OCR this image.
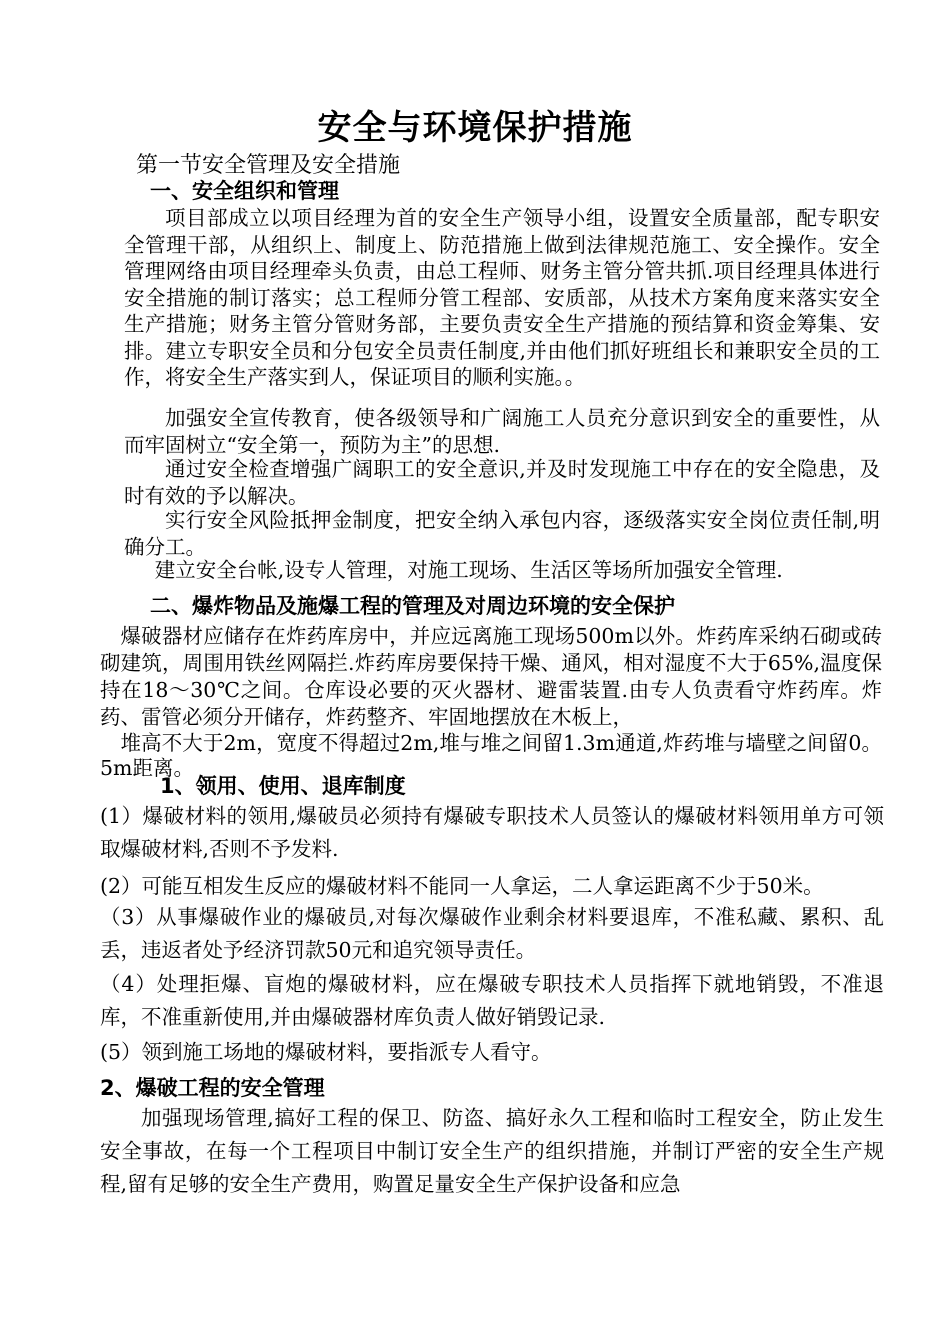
安全与环境保护措施
第一节安全管理及安全措施
一、安全组织和管理
项目部成立以项目经理为首的安全生产领导小组，设置安全质量部，配专职安全管理干部，从组织上、制度上、防范措施上做到法律规范施工、安全操作。安全管理网络由项目经理牵头负责，由总工程师、财务主管分管共抓.项目经理具体进行安全措施的制订落实；总工程师分管工程部、安质部，从技术方案角度来落实安全生产措施；财务主管分管财务部，主要负责安全生产措施的预结算和资金筹集、安排。建立专职安全员和分包安全员责任制度,并由他们抓好班组长和兼职安全员的工作，将安全生产落实到人，保证项目的顺利实施。。
加强安全宣传教育，使各级领导和广阔施工人员充分意识到安全的重要性，从而牢固树立“安全第一，预防为主”的思想.
通过安全检查增强广阔职工的安全意识,并及时发现施工中存在的安全隐患，及时有效的予以解决。
实行安全风险抵押金制度，把安全纳入承包内容，逐级落实安全岗位责任制,明确分工。
建立安全台帐,设专人管理，对施工现场、生活区等场所加强安全管理.
二、爆炸物品及施爆工程的管理及对周边环境的安全保护
爆破器材应储存在炸药库房中，并应远离施工现场500m以外。炸药库采纳石砌或砖砌建筑，周围用铁丝网隔拦.炸药库房要保持干燥、通风，相对湿度不大于65%,温度保持在18～30℃之间。仓库设必要的灭火器材、避雷装置.由专人负责看守炸药库。炸药、雷管必须分开储存，炸药整齐、牢固地摆放在木板上，
堆高不大于2m，宽度不得超过2m,堆与堆之间留1.3m通道,炸药堆与墙壁之间留0。5m距离。
1、领用、使用、退库制度
(1）爆破材料的领用,爆破员必须持有爆破专职技术人员签认的爆破材料领用单方可领取爆破材料,否则不予发料.
(2）可能互相发生反应的爆破材料不能同一人拿运，二人拿运距离不少于50米。
（3）从事爆破作业的爆破员,对每次爆破作业剩余材料要退库，不准私藏、累积、乱丢，违返者处予经济罚款50元和追究领导责任。
（4）处理拒爆、盲炮的爆破材料，应在爆破专职技术人员指挥下就地销毁，不准退库，不准重新使用,并由爆破器材库负责人做好销毁记录.
(5）领到施工场地的爆破材料，要指派专人看守。
2、爆破工程的安全管理
加强现场管理,搞好工程的保卫、防盗、搞好永久工程和临时工程安全，防止发生安全事故，在每一个工程项目中制订安全生产的组织措施，并制订严密的安全生产规程,留有足够的安全生产费用，购置足量安全生产保护设备和应急
